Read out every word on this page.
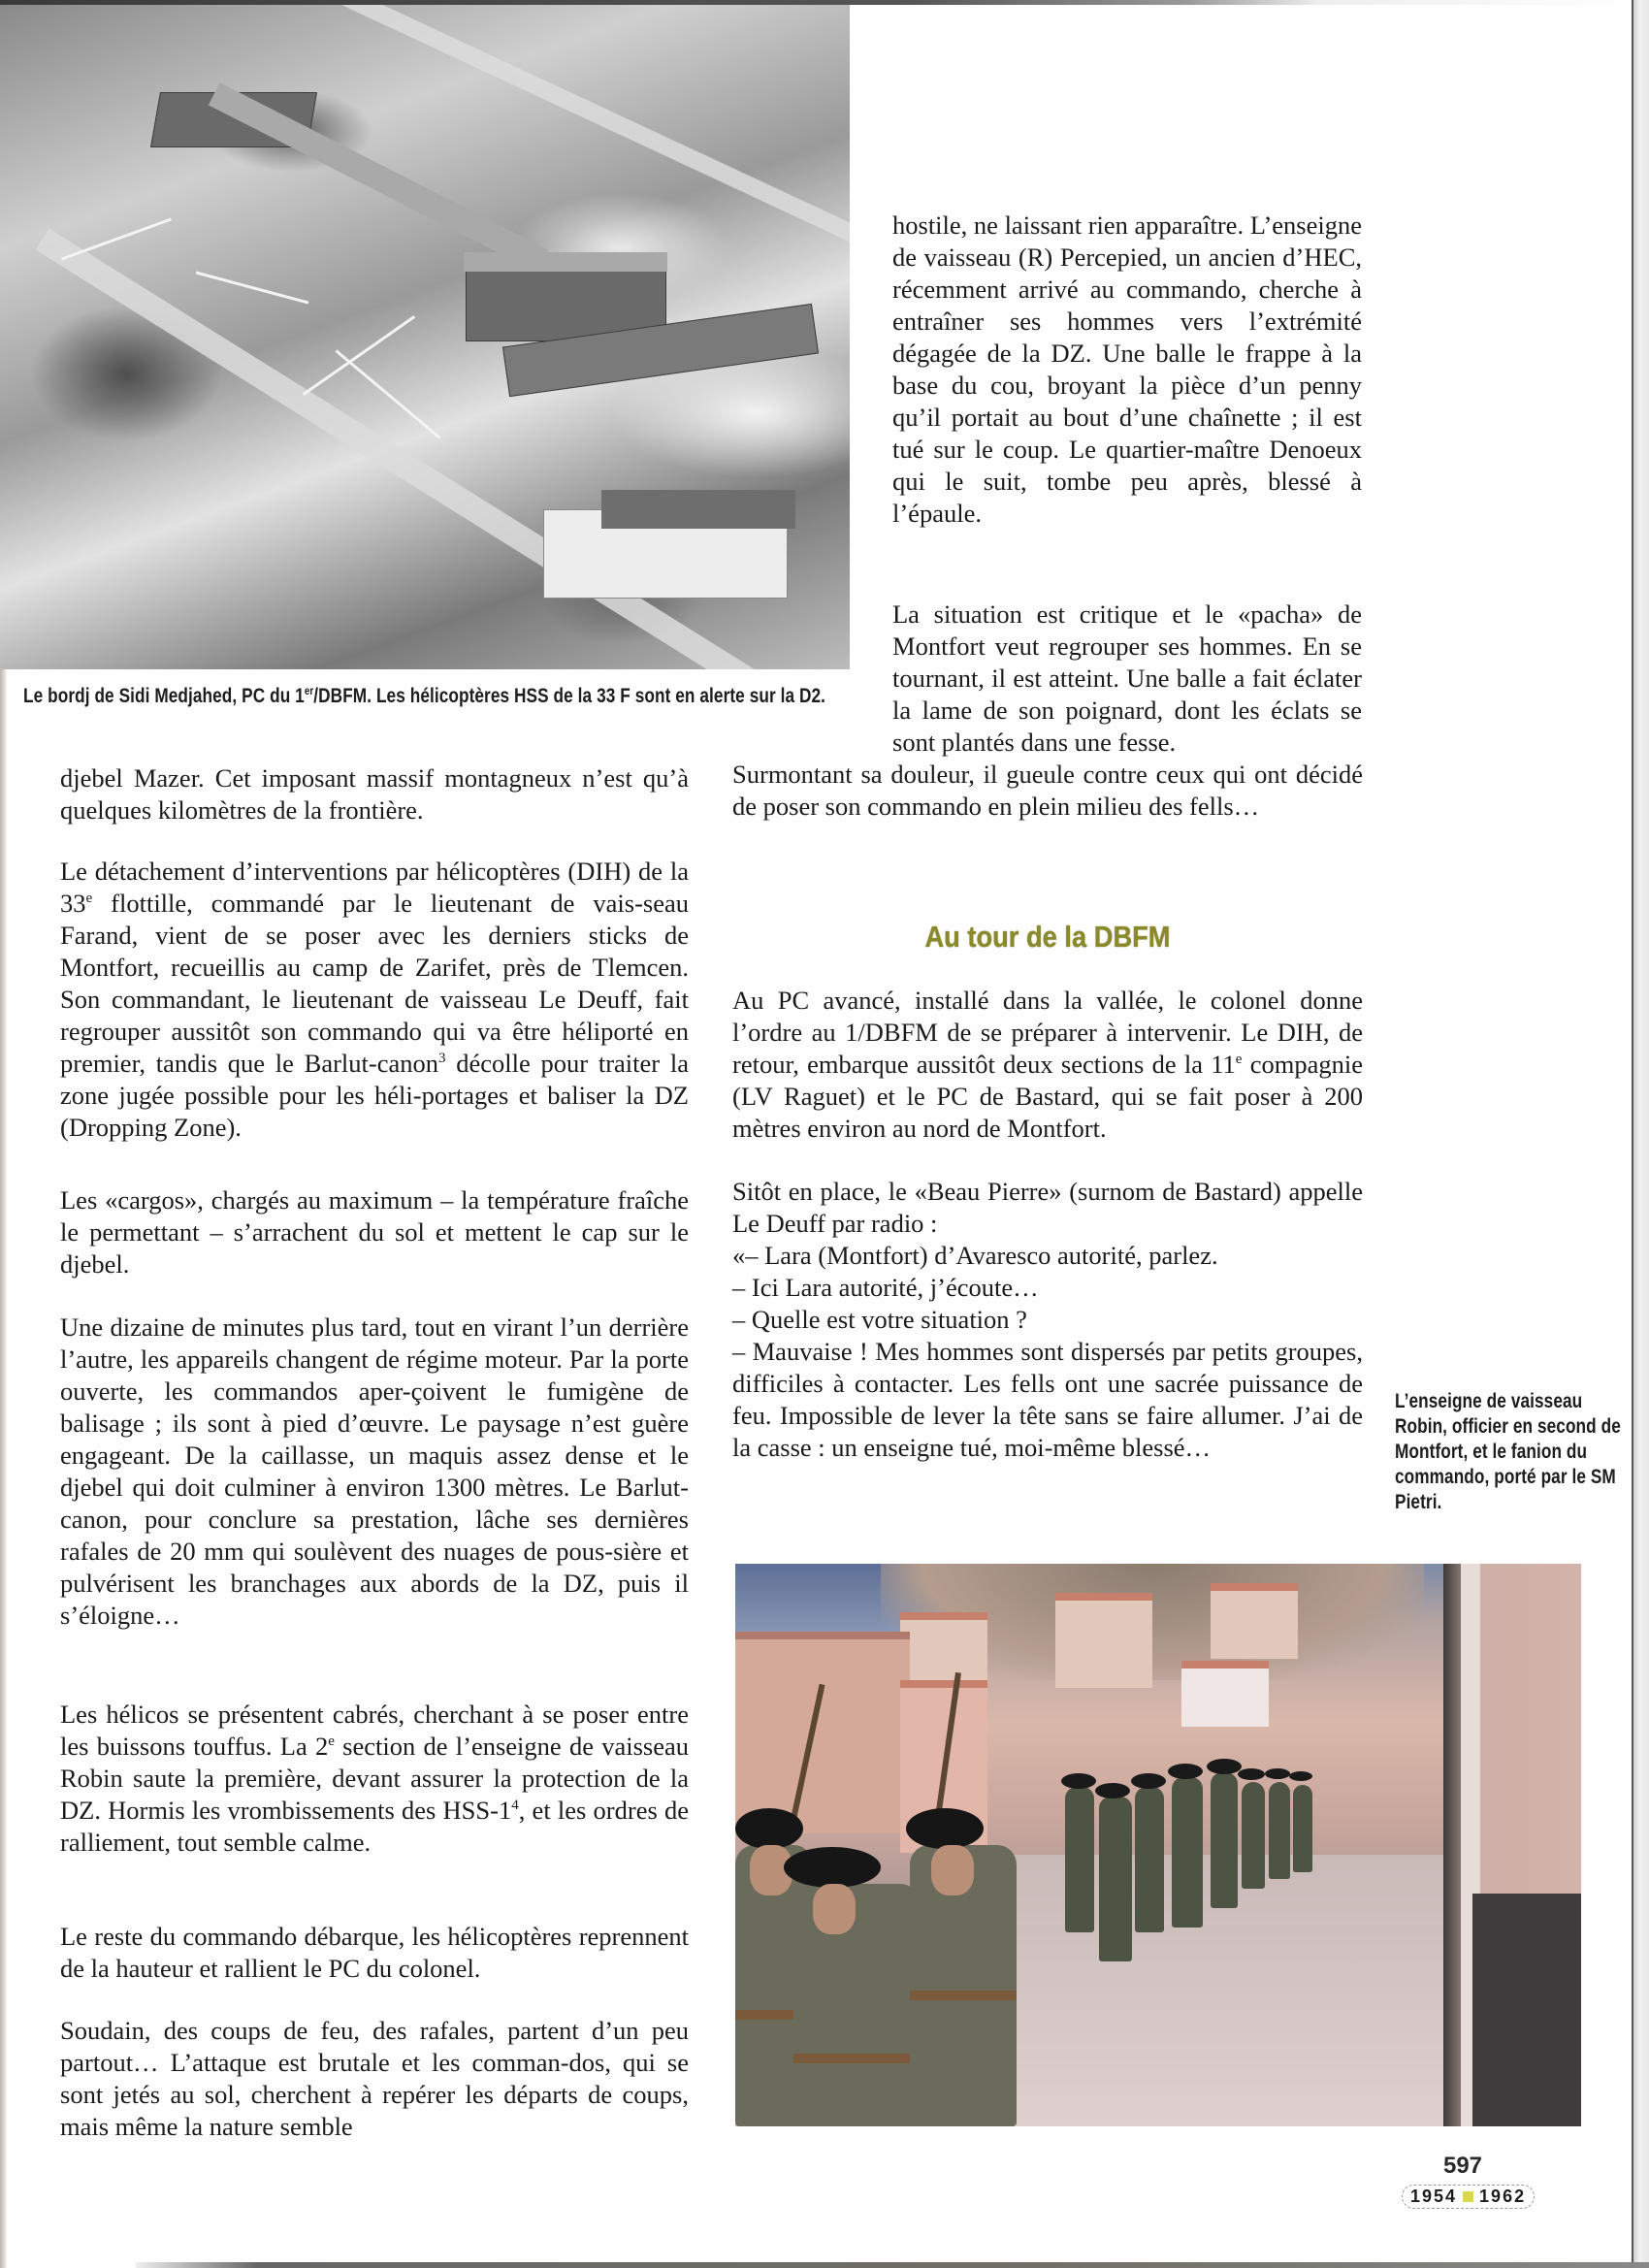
Le bordj de Sidi Medjahed, PC du 1er/DBFM. Les hélicoptères HSS de la 33 F sont en alerte sur la D2.
hostile, ne laissant rien apparaître. L’enseigne de vaisseau (R) Percepied, un ancien d’HEC, récemment arrivé au commando, cherche à entraîner ses hommes vers l’extrémité dégagée de la DZ. Une balle le frappe à la base du cou, broyant la pièce d’un penny qu’il portait au bout d’une chaînette ; il est tué sur le coup. Le quartier-maître Denoeux qui le suit, tombe peu après, blessé à l’épaule.
La situation est critique et le «pacha» de Montfort veut regrouper ses hommes. En se tournant, il est atteint. Une balle a fait éclater la lame de son poignard, dont les éclats se sont plantés dans une fesse.
Surmontant sa douleur, il gueule contre ceux qui ont décidé de poser son commando en plein milieu des fells…
djebel Mazer. Cet imposant massif montagneux n’est qu’à quelques kilomètres de la frontière.
Le détachement d’interventions par hélicoptères (DIH) de la 33e flottille, commandé par le lieutenant de vais-seau Farand, vient de se poser avec les derniers sticks de Montfort, recueillis au camp de Zarifet, près de Tlemcen. Son commandant, le lieutenant de vaisseau Le Deuff, fait regrouper aussitôt son commando qui va être héliporté en premier, tandis que le Barlut-canon$^3$ décolle pour traiter la zone jugée possible pour les héli-portages et baliser la DZ (Dropping Zone).
Les «cargos», chargés au maximum – la température fraîche le permettant – s’arrachent du sol et mettent le cap sur le djebel.
Une dizaine de minutes plus tard, tout en virant l’un derrière l’autre, les appareils changent de régime moteur. Par la porte ouverte, les commandos aper-çoivent le fumigène de balisage ; ils sont à pied d’œuvre. Le paysage n’est guère engageant. De la caillasse, un maquis assez dense et le djebel qui doit culminer à environ 1300 mètres. Le Barlut-canon, pour conclure sa prestation, lâche ses dernières rafales de 20 mm qui soulèvent des nuages de pous-sière et pulvérisent les branchages aux abords de la DZ, puis il s’éloigne…
Les hélicos se présentent cabrés, cherchant à se poser entre les buissons touffus. La 2e section de l’enseigne de vaisseau Robin saute la première, devant assurer la protection de la DZ. Hormis les vrombissements des HSS-$1^4$, et les ordres de ralliement, tout semble calme.
Le reste du commando débarque, les hélicoptères reprennent de la hauteur et rallient le PC du colonel.
Soudain, des coups de feu, des rafales, partent d’un peu partout… L’attaque est brutale et les comman-dos, qui se sont jetés au sol, cherchent à repérer les départs de coups, mais même la nature semble
Au tour de la DBFM
Au PC avancé, installé dans la vallée, le colonel donne l’ordre au 1/DBFM de se préparer à intervenir. Le DIH, de retour, embarque aussitôt deux sections de la 11e compagnie (LV Raguet) et le PC de Bastard, qui se fait poser à 200 mètres environ au nord de Montfort.
Sitôt en place, le «Beau Pierre» (surnom de Bastard) appelle Le Deuff par radio :
«– Lara (Montfort) d’Avaresco autorité, parlez.
– Ici Lara autorité, j’écoute…
– Quelle est votre situation ?
– Mauvaise ! Mes hommes sont dispersés par petits groupes, difficiles à contacter. Les fells ont une sacrée puissance de feu. Impossible de lever la tête sans se faire allumer. J’ai de la casse : un enseigne tué, moi-même blessé…
L’enseigne de vaisseau Robin, officier en second de Montfort, et le fanion du commando, porté par le SM Pietri.
597
1954 1962
